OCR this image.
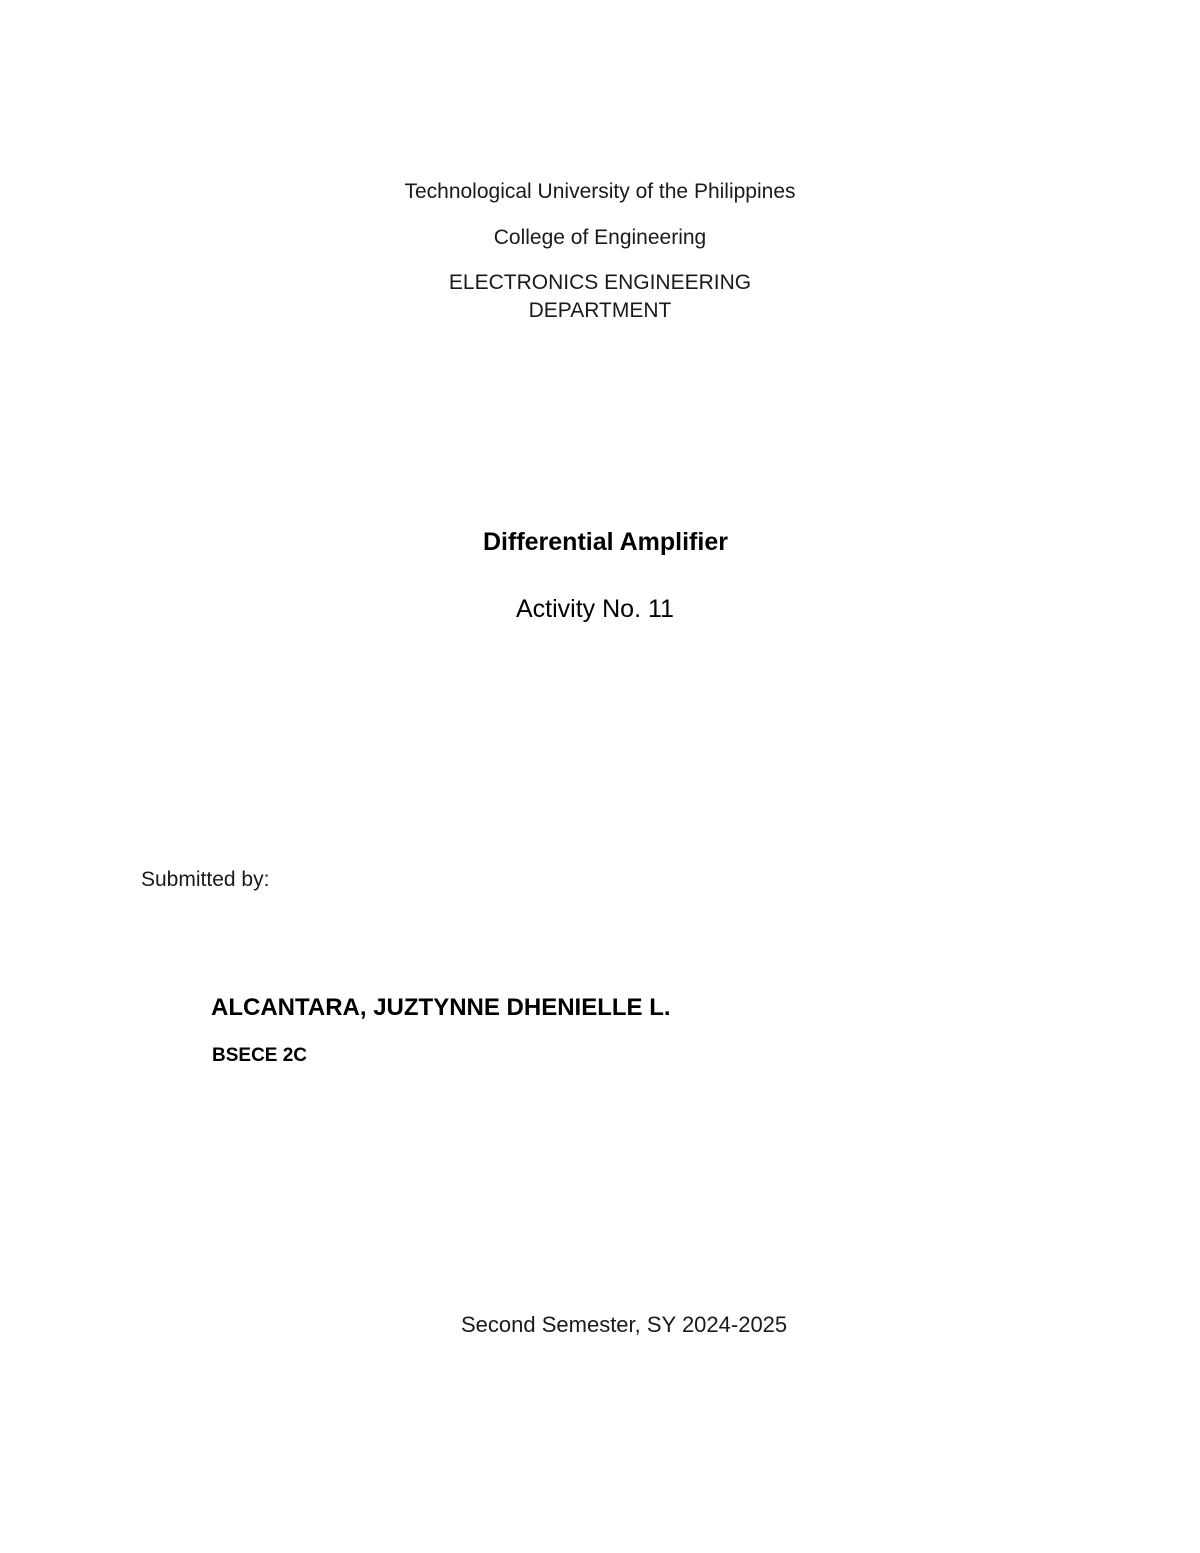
Technological University of the Philippines
College of Engineering
ELECTRONICS ENGINEERING
DEPARTMENT
Differential Amplifier
Activity No. 11
Submitted by:
ALCANTARA, JUZTYNNE DHENIELLE L.
BSECE 2C
Second Semester, SY 2024-2025
